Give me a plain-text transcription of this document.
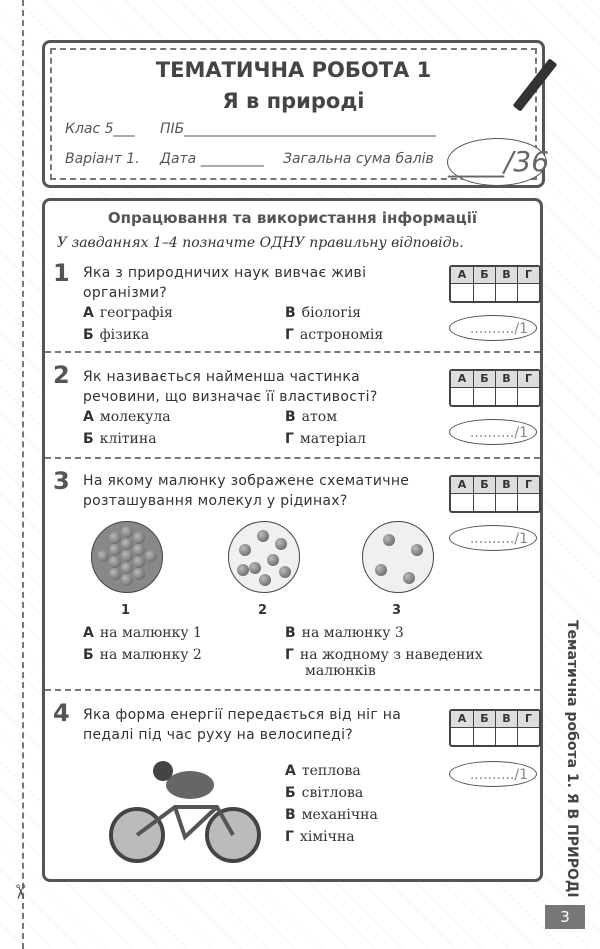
✂
ТЕМАТИЧНА РОБОТА 1
Я в природі
Клас 5___ ПІБ____________________________________
Варіант 1. Дата _________ Загальна сума балів ____/36
Опрацювання та використання інформації
У завданнях 1–4 позначте ОДНУ правильну відповідь.
1 Яка з природничих наук вивчає живі організми?
А географія
Б фізика
В біологія
Г астрономія
А	Б	В	Г
........../1
2 Як називається найменша частинка речовини, що визначає її властивості?
А молекула
Б клітина
В атом
Г матеріал
А	Б	В	Г
........../1
3 На якому малюнку зображене схематичне розташування молекул у рідинах?
1	2	3
А на малюнку 1
Б на малюнку 2
В на малюнку 3
Г на жодному з наведених малюнків
А	Б	В	Г
........../1
4 Яка форма енергії передається від ніг на педалі під час руху на велосипеді?
А теплова
Б світлова
В механічна
Г хімічна
А	Б	В	Г
........../1	Тематична робота 1. Я В ПРИРОДІ
3
